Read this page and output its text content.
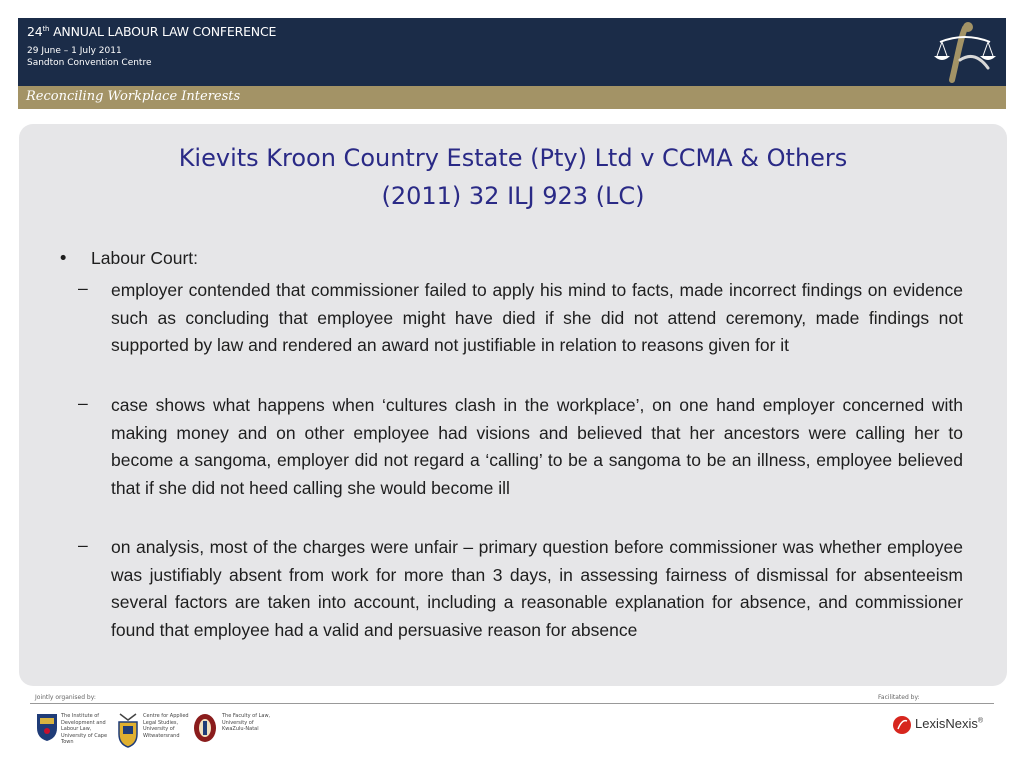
24th ANNUAL LABOUR LAW CONFERENCE
29 June – 1 July 2011
Sandton Convention Centre
Reconciling Workplace Interests
Kievits Kroon Country Estate (Pty) Ltd v CCMA & Others
(2011) 32 ILJ 923 (LC)
• Labour Court:
– employer contended that commissioner failed to apply his mind to facts, made incorrect findings on evidence such as concluding that employee might have died if she did not attend ceremony, made findings not supported by law and rendered an award not justifiable in relation to reasons given for it
– case shows what happens when ‘cultures clash in the workplace’, on one hand employer concerned with making money and on other employee had visions and believed that her ancestors were calling her to become a sangoma, employer did not regard a ‘calling’ to be a sangoma to be an illness, employee believed that if she did not heed calling she would become ill
– on analysis, most of the charges were unfair – primary question before commissioner was whether employee was justifiably absent from work for more than 3 days, in assessing fairness of dismissal for absenteeism several factors are taken into account, including a reasonable explanation for absence, and commissioner found that employee had a valid and persuasive reason for absence
Jointly organised by:	Facilitated by:
The Institute of Development and Labour Law, University of Cape Town
Centre for Applied Legal Studies, University of Witwatersrand
The Faculty of Law, University of KwaZulu-Natal	LexisNexis®
